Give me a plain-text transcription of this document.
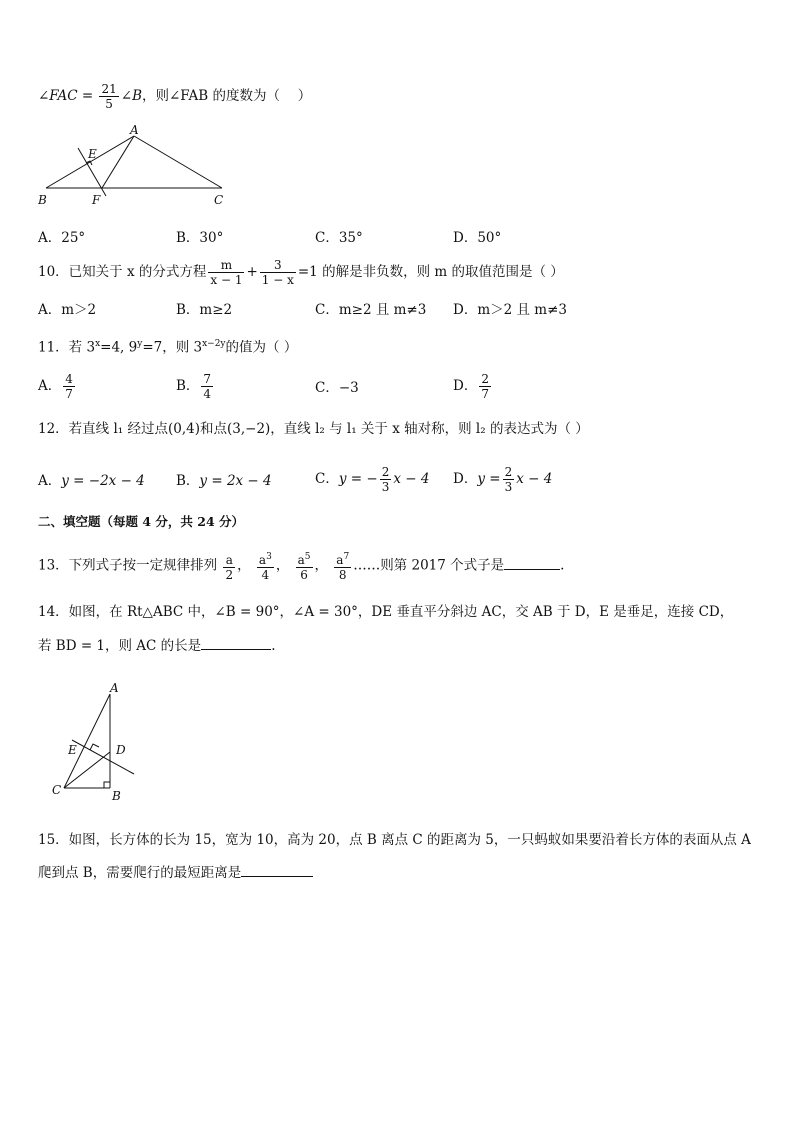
∠FAC = $\frac{21}{5}$ ∠B，则∠FAB 的度数为（　 ）
A
E
B	F	C
A．25°	B．30°	C．35°	D．50°
10．已知关于 x 的分式方程 $\frac{m}{x - 1} + \frac{3}{1 - x} =1$ 的解是非负数，则 m 的取值范围是（ ）
A．m＞2	B．m≥2	C．m≥2 且 m≠3 D．m＞2 且 m≠3
11．若 $3^x=4$, $9^y=7$，则 $3^{x-2y}$的值为（ ）
A． $\frac{4}{7}$	B． $\frac{7}{4}$	C．−3	D． $\frac{2}{7}$
12．若直线 l₁ 经过点(0,4)和点(3,−2)，直线 l₂ 与 l₁ 关于 x 轴对称，则 l₂ 的表达式为（ ）
A．y = −2x − 4 B．y = 2x − 4	C．y = − $\frac{2}{3}$ x − 4 D．$y = \frac{2}{3}$ x − 4
二、填空题（每题 4 分，共 24 分）
13．下列式子按一定规律排列 $\frac{a}{2}$ ， $\frac{a^3}{4}$ ， $\frac{a^5}{6}$ ， $\frac{a^7}{8}$ ……则第 2017 个式子是	.
14．如图，在 Rt△ABC 中，∠B = 90°，∠A = 30°，DE 垂直平分斜边 AC，交 AB 于 D，E 是垂足，连接 CD，
若 BD = 1，则 AC 的长是	.
A
E	D
C	B
15．如图，长方体的长为 15，宽为 10，高为 20，点 B 离点 C 的距离为 5，一只蚂蚁如果要沿着长方体的表面从点 A
爬到点 B，需要爬行的最短距离是
